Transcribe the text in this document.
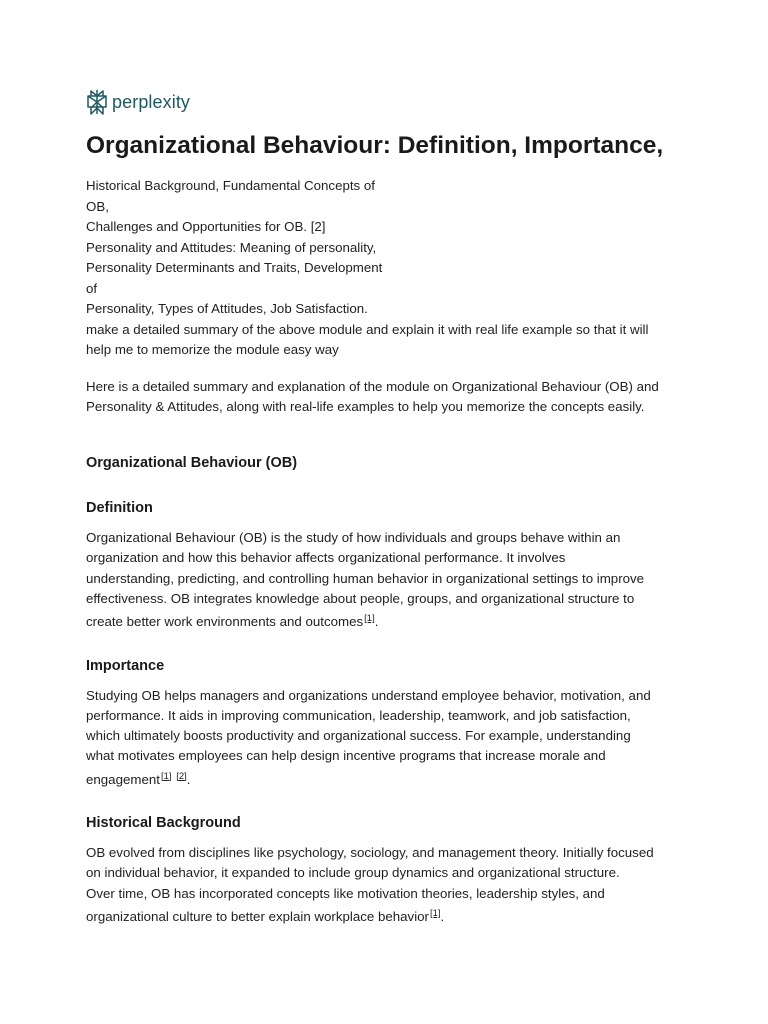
perplexity
Organizational Behaviour: Definition, Importance,
Historical Background, Fundamental Concepts of
OB,
Challenges and Opportunities for OB. [2]
Personality and Attitudes: Meaning of personality,
Personality Determinants and Traits, Development
of
Personality, Types of Attitudes, Job Satisfaction.
make a detailed summary of the above module and explain it with real life example so that it will
help me to memorize the module easy way

Here is a detailed summary and explanation of the module on Organizational Behaviour (OB) and
Personality & Attitudes, along with real-life examples to help you memorize the concepts easily.

Organizational Behaviour (OB)
Definition

Organizational Behaviour (OB) is the study of how individuals and groups behave within an
organization and how this behavior affects organizational performance. It involves
understanding, predicting, and controlling human behavior in organizational settings to improve
effectiveness. OB integrates knowledge about people, groups, and organizational structure to
create better work environments and outcomes[1].

Importance

Studying OB helps managers and organizations understand employee behavior, motivation, and
performance. It aids in improving communication, leadership, teamwork, and job satisfaction,
which ultimately boosts productivity and organizational success. For example, understanding
what motivates employees can help design incentive programs that increase morale and
engagement[1] [2].

Historical Background

OB evolved from disciplines like psychology, sociology, and management theory. Initially focused
on individual behavior, it expanded to include group dynamics and organizational structure.
Over time, OB has incorporated concepts like motivation theories, leadership styles, and
organizational culture to better explain workplace behavior[1].
